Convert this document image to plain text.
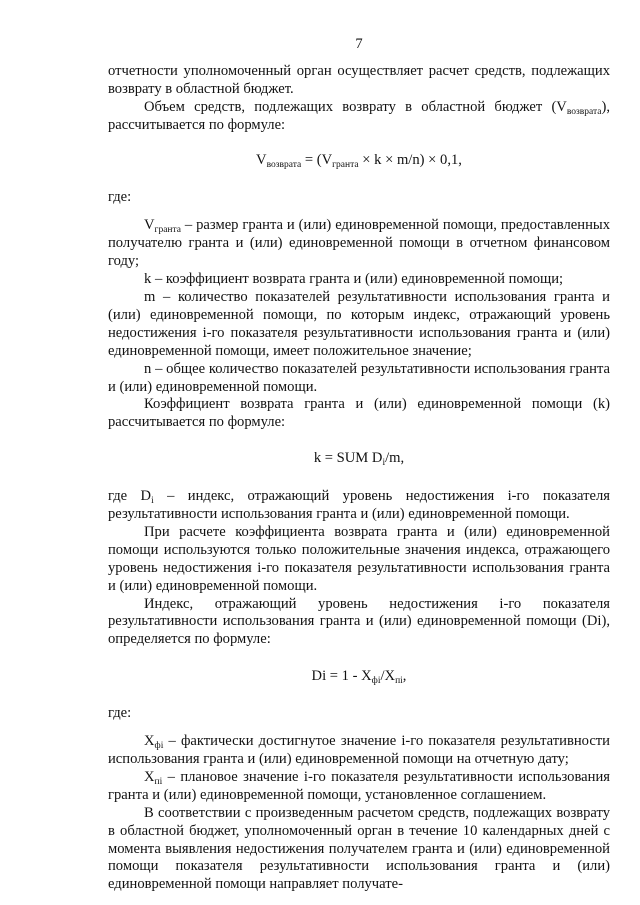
7

отчетности уполномоченный орган осуществляет расчет средств, подлежащих возврату в областной бюджет.

Объем средств, подлежащих возврату в областной бюджет $(V_{возврата})$, рассчитывается по формуле:

$V_{возврата} = (V_{гранта} \times k \times m/n) \times 0,1$,

где:

$V_{гранта}$ – размер гранта и (или) единовременной помощи, предоставленных получателю гранта и (или) единовременной помощи в отчетном финансовом году;

k – коэффициент возврата гранта и (или) единовременной помощи;

m – количество показателей результативности использования гранта и (или) единовременной помощи, по которым индекс, отражающий уровень недостижения i-го показателя результативности использования гранта и (или) единовременной помощи, имеет положительное значение;

n – общее количество показателей результативности использования гранта и (или) единовременной помощи.

Коэффициент возврата гранта и (или) единовременной помощи (k) рассчитывается по формуле:

k = SUM $D_i/m$,

где $D_i$ – индекс, отражающий уровень недостижения i-го показателя результативности использования гранта и (или) единовременной помощи.

При расчете коэффициента возврата гранта и (или) единовременной помощи используются только положительные значения индекса, отражающего уровень недостижения i-го показателя результативности использования гранта и (или) единовременной помощи.

Индекс, отражающий уровень недостижения i-го показателя результативности использования гранта и (или) единовременной помощи (Di), определяется по формуле:

$Di = 1 - X_{фi}/X_{пi}$,

где:

$X_{фi}$ – фактически достигнутое значение i-го показателя результативности использования гранта и (или) единовременной помощи на отчетную дату;

$X_{пi}$ – плановое значение i-го показателя результативности использования гранта и (или) единовременной помощи, установленное соглашением.

В соответствии с произведенным расчетом средств, подлежащих возврату в областной бюджет, уполномоченный орган в течение 10 календарных дней с момента выявления недостижения получателем гранта и (или) единовременной помощи показателя результативности использования гранта и (или) единовременной помощи направляет получате-
